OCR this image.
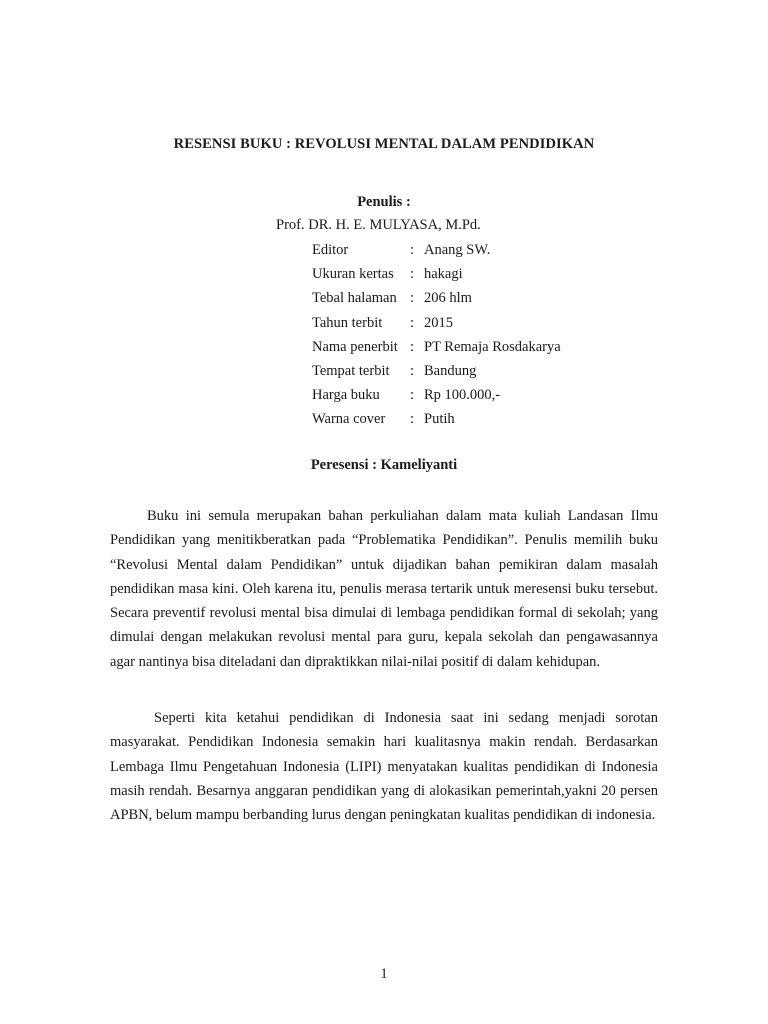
RESENSI BUKU : REVOLUSI MENTAL DALAM PENDIDIKAN
Penulis :
Prof. DR. H. E. MULYASA, M.Pd.
Editor	: Anang SW.
Ukuran kertas : hakagi
Tebal halaman : 206 hlm
Tahun terbit : 2015
Nama penerbit : PT Remaja Rosdakarya
Tempat terbit : Bandung
Harga buku : Rp 100.000,-
Warna cover : Putih
Peresensi : Kameliyanti

Buku ini semula merupakan bahan perkuliahan dalam mata kuliah Landasan Ilmu Pendidikan yang menitikberatkan pada “Problematika Pendidikan”. Penulis memilih buku “Revolusi Mental dalam Pendidikan” untuk dijadikan bahan pemikiran dalam masalah pendidikan masa kini. Oleh karena itu, penulis merasa tertarik untuk meresensi buku tersebut. Secara preventif revolusi mental bisa dimulai di lembaga pendidikan formal di sekolah; yang dimulai dengan melakukan revolusi mental para guru, kepala sekolah dan pengawasannya agar nantinya bisa diteladani dan dipraktikkan nilai-nilai positif di dalam kehidupan.

Seperti kita ketahui pendidikan di Indonesia saat ini sedang menjadi sorotan masyarakat. Pendidikan Indonesia semakin hari kualitasnya makin rendah. Berdasarkan Lembaga Ilmu Pengetahuan Indonesia (LIPI) menyatakan kualitas pendidikan di Indonesia masih rendah. Besarnya anggaran pendidikan yang di alokasikan pemerintah,yakni 20 persen APBN, belum mampu berbanding lurus dengan peningkatan kualitas pendidikan di indonesia.

1
